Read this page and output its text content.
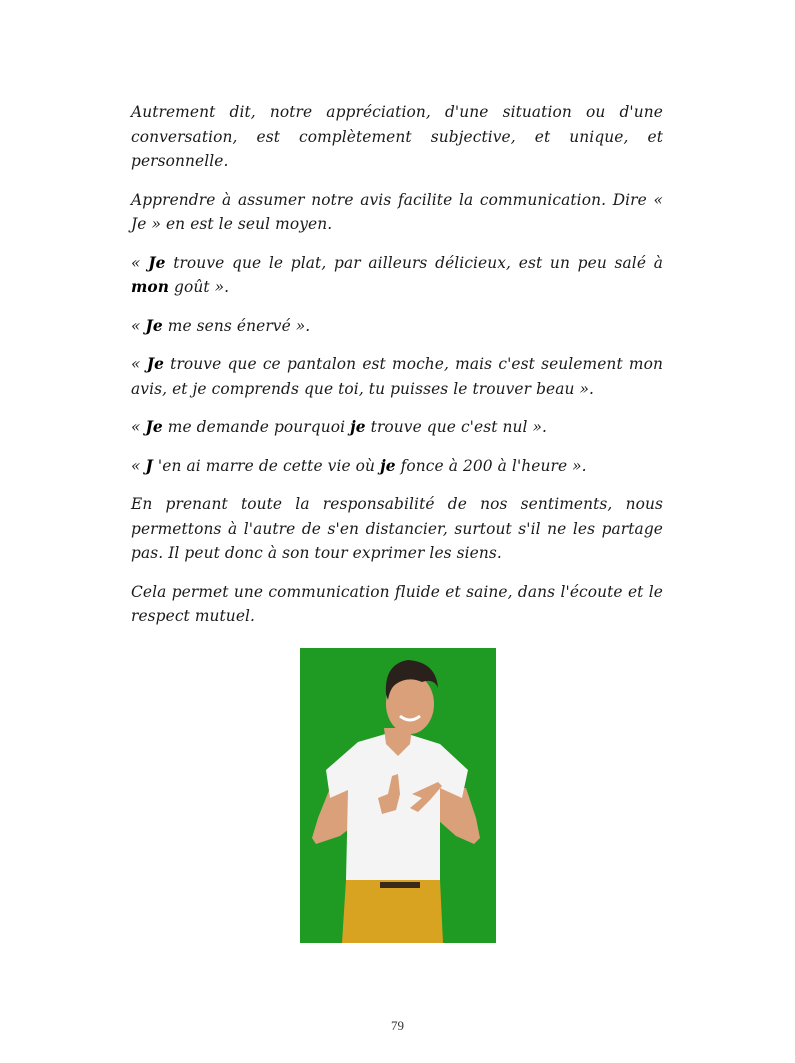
Autrement dit, notre appréciation, d'une situation ou d'une conversation, est complètement subjective, et unique, et personnelle.

Apprendre à assumer notre avis facilite la communication. Dire « Je » en est le seul moyen.

« Je trouve que le plat, par ailleurs délicieux, est un peu salé à mon goût ».

« Je me sens énervé ».

« Je trouve que ce pantalon est moche, mais c'est seulement mon avis, et je comprends que toi, tu puisses le trouver beau ».

« Je me demande pourquoi je trouve que c'est nul ».

« J 'en ai marre de cette vie où je fonce à 200 à l'heure ».

En prenant toute la responsabilité de nos sentiments, nous permettons à l'autre de s'en distancier, surtout s'il ne les partage pas. Il peut donc à son tour exprimer les siens.

Cela permet une communication fluide et saine, dans l'écoute et le respect mutuel.

79
